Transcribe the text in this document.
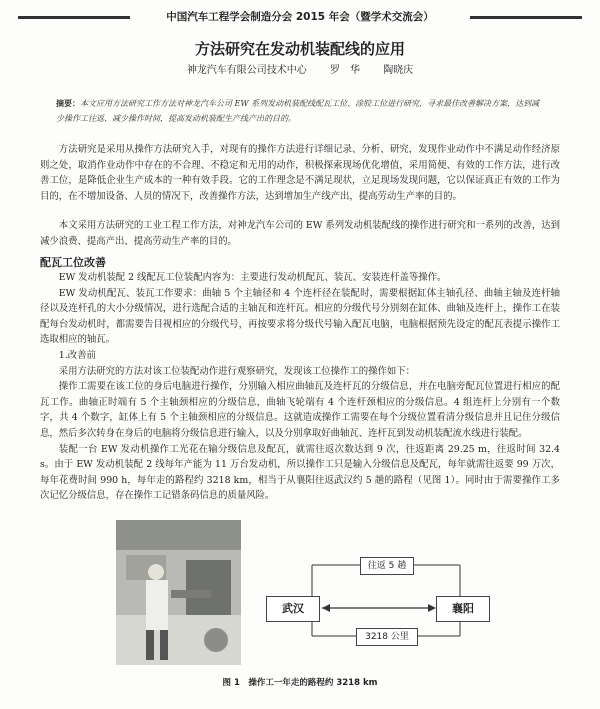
中国汽车工程学会制造分会 2015 年会（暨学术交流会）
方法研究在发动机装配线的应用
神龙汽车有限公司技术中心 罗　华 陶晓庆
摘要：本文应用方法研究工作方法对神龙汽车公司 EW 系列发动机装配线配瓦工位、涂胶工位进行研究，寻求最佳改善解决方案，达到减少操作工往返、减少操作时间，提高发动机装配生产线产出的目的。

方法研究是采用从操作方法研究入手，对现有的操作方法进行详细记录、分析、研究，发现作业动作中不满足动作经济原则之处，取消作业动作中存在的不合理、不稳定和无用的动作，积极探索现场优化增值，采用简便、有效的工作方法，进行改善工位，是降低企业生产成本的一种有效手段。它的工作理念是不满足现状，立足现场发现问题，它以保证真正有效的工作为目的，在不增加设备、人员的情况下，改善操作方法，达到增加生产线产出，提高劳动生产率的目的。

本文采用方法研究的工业工程工作方法，对神龙汽车公司的 EW 系列发动机装配线的操作进行研究和一系列的改善，达到减少浪费、提高产出、提高劳动生产率的目的。

配瓦工位改善

EW 发动机装配 2 线配瓦工位装配内容为：主要进行发动机配瓦、装瓦、安装连杆盖等操作。

EW 发动机配瓦、装瓦工作要求：曲轴 5 个主轴径和 4 个连杆径在装配时，需要根据缸体主轴孔径、曲轴主轴及连杆轴径以及连杆孔的大小分级情况，进行选配合适的主轴瓦和连杆瓦。相应的分级代号分别刻在缸体、曲轴及连杆上，操作工在装配每台发动机时，都需要告目视相应的分级代号，再按要求将分级代号输入配瓦电脑，电脑根据预先设定的配瓦表提示操作工选取相应的轴瓦。

1.改善前

采用方法研究的方法对该工位装配动作进行观察研究，发现该工位操作工的操作如下：

操作工需要在该工位的身后电脑进行操作，分别输入相应曲轴瓦及连杆瓦的分级信息，并在电脑旁配瓦位置进行相应的配瓦工作。曲轴正时端有 5 个主轴颈相应的分级信息，曲轴飞轮端有 4 个连杆颈相应的分级信息。4 组连杆上分别有一个数字，共 4 个数字，缸体上有 5 个主轴颈相应的分级信息。这就造成操作工需要在每个分级位置看清分级信息并且记住分级信息，然后多次转身在身后的电脑将分级信息进行输入，以及分别拿取好曲轴瓦、连杆瓦到发动机装配流水线进行装配。

装配一台 EW 发动机操作工光花在输分级信息及配瓦，就需往返次数达到 9 次，往返距离 29.25 m，往返时间 32.4 s。由于 EW 发动机装配 2 线每年产能为 11 万台发动机，所以操作工只是输入分级信息及配瓦，每年就需往返要 99 万次，每年花费时间 990 h，每年走的路程约 3218 km，相当于从襄阳往返武汉约 5 趟的路程（见图 1）。同时由于需要操作工多次记忆分级信息，存在操作工记错条码信息的质量风险。

往返 5 趟
武汉	襄阳
3218 公里
图 1　操作工一年走的路程约 3218 km
